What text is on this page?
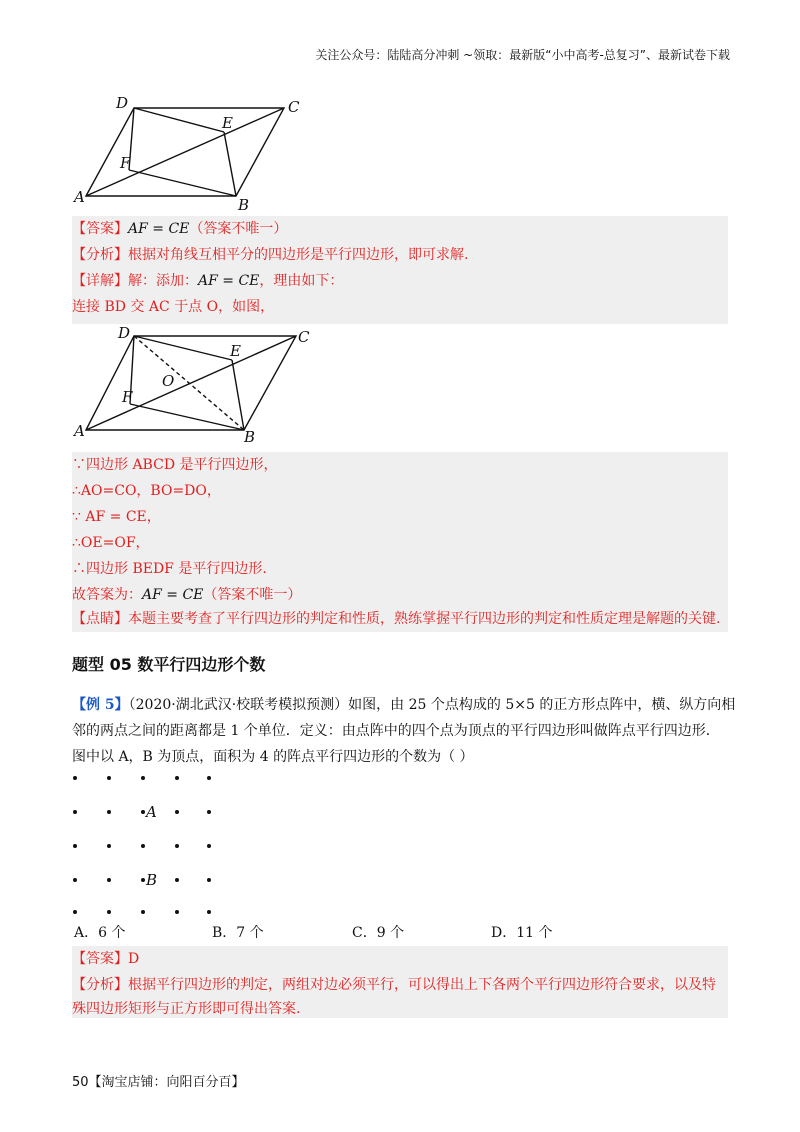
关注公众号：陆陆高分冲刺 ~领取：最新版“小中高考-总复习”、最新试卷下载
A	B
C
D
E
F
【答案】AF = CE（答案不唯一）
【分析】根据对角线互相平分的四边形是平行四边形，即可求解.
【详解】解：添加：AF = CE，理由如下：
连接 BD 交 AC 于点 O，如图，
A	B
C
D
E
F
O
∵四边形 ABCD 是平行四边形，
∴AO=CO，BO=DO，
∵ AF = CE，
∴OE=OF，
∴四边形 BEDF 是平行四边形.
故答案为：AF = CE（答案不唯一）
【点睛】本题主要考查了平行四边形的判定和性质，熟练掌握平行四边形的判定和性质定理是解题的关键.
题型 05 数平行四边形个数
【例 5】（2020·湖北武汉·校联考模拟预测）如图，由 25 个点构成的 5×5 的正方形点阵中，横、纵方向相
邻的两点之间的距离都是 1 个单位．定义：由点阵中的四个点为顶点的平行四边形叫做阵点平行四边形．
图中以 A，B 为顶点，面积为 4 的阵点平行四边形的个数为（ ）
A
B
A．6 个	B．7 个	C．9 个	D．11 个
【答案】D
【分析】根据平行四边形的判定，两组对边必须平行，可以得出上下各两个平行四边形符合要求，以及特
殊四边形矩形与正方形即可得出答案.
50【淘宝店铺：向阳百分百】
